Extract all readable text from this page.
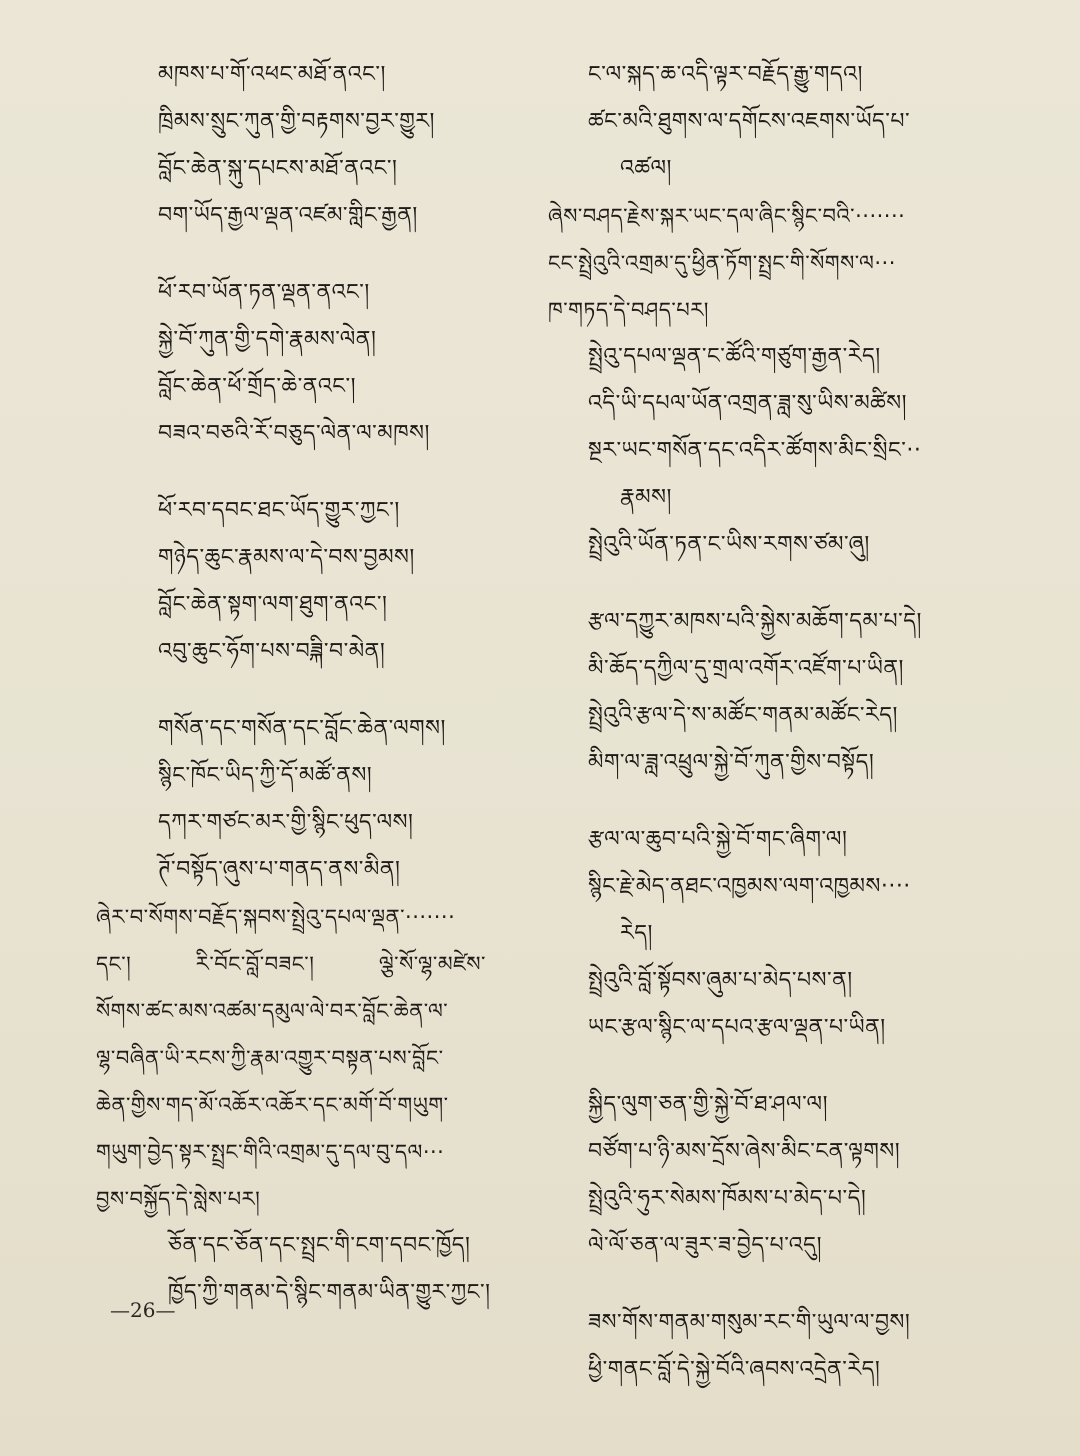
མཁས་པ་གོ་འཕང་མཐོ་ནའང་།
ཁྲིམས་སྲུང་ཀུན་གྱི་བརྟགས་བྱར་གྱུར།
བློང་ཆེན་སྐུ་དཔངས་མཐོ་ནའང་།
བག་ཡོད་རྒྱལ་ལྡན་འཛམ་གླིང་རྒྱན།
ཕོ་རབ་ཡོན་ཏན་ལྡན་ནའང་།
སྐྱེ་བོ་ཀུན་གྱི་དགེ་རྣམས་ལེན།
བློང་ཆེན་ཕོ་གྲོད་ཆེ་ནའང་།
བཟའ་བཅའི་རོ་བཅུད་ལེན་ལ་མཁས།
ཕོ་རབ་དབང་ཐང་ཡོད་གྱུར་ཀྱང་།
གཉེད་ཆུང་རྣམས་ལ་དེ་བས་བྱམས།
བློང་ཆེན་སྟག་ལག་ཐུག་ནའང་།
འབུ་ཆུང་ཧོག་པས་བཟྐི་བ་མེན།
གསོན་དང་གསོན་དང་བློང་ཆེན་ལགས།
སྙིང་ཁོང་ཡིད་ཀྱི་དོ་མཚོ་ནས།
དཀར་གཙང་མར་གྱི་སྙིང་ཕུད་ལས།
ཊོ་བསྟོད་ཞུས་པ་གནད་ནས་མིན།
ཞེར་བ་སོགས་བརྗོད་སྐབས་སྤྲེའུ་དཔལ་ལྡན་·······
དང་།	རི་བོང་བློ་བཟང་།	ལྕེ་སོ་ལྷ་མཛེས་
སོགས་ཚང་མས་འཚམ་དམུལ་ལེ་བར་བློང་ཆེན་ལ་
ལྷ་བཞིན་ཡི་རངས་ཀྱི་རྣམ་འགྱུར་བསྟན་པས་བློང་
ཆེན་གྱིས་གད་མོ་འཆོར་འཆོར་དང་མགོ་བོ་གཡུག་
གཡུག་བྱེད་སྟར་སྤྲང་གིའི་འགྲམ་དུ་དལ་བུ་དལ···
བྱས་བསྐྱོད་དེ་སླེས་པར།
ཅོན་དང་ཅོན་དང་སྤྲང་གི་ངག་དབང་ཁྱོད།
ཁྱོད་ཀྱི་གནམ་དེ་སྙིང་གནམ་ཡིན་གྱུར་ཀྱང་།
ང་ལ་སྐད་ཆ་འདི་ལྟར་བརྗོད་རྒྱུ་གདའ།
ཚང་མའི་ཐུགས་ལ་དགོངས་འཇགས་ཡོད་པ་
འཚལ།
ཞེས་བཤད་རྗེས་སྐར་ཡང་དལ་ཞིང་སྙིང་བའི་·······
ངང་སྤྲེའུའི་འགྲམ་དུ་ཕྱིན་ཏོག་སྤྲང་གི་སོགས་ལ···
ཁ་གཏད་དེ་བཤད་པར།
སྤྲེའུ་དཔལ་ལྡན་ང་ཚོའི་གཙུག་རྒྱན་རེད།
འདི་ཡི་དཔལ་ཡོན་འགྲན་ཟླ་སུ་ཡིས་མཚིས།
སྔར་ཡང་གསོན་དང་འདིར་ཚོགས་མིང་སྲིང་··
རྣམས།
སྤྲེའུའི་ཡོན་ཏན་ང་ཡིས་རགས་ཙམ་ཞུ།
རྩལ་དཀྱུར་མཁས་པའི་སྐྱེས་མཆོག་དམ་པ་དེ།
མི་ཆོད་དཀྱིལ་དུ་གྲལ་འགོར་འཛོག་པ་ཡིན།
སྤྲེའུའི་རྩལ་དེ་ས་མཚོང་གནམ་མཚོང་རེད།
མིག་ལ་ཟླ་འཕྲུལ་སྐྱེ་བོ་ཀུན་གྱིས་བསྟོད།
རྩལ་ལ་ཆུབ་པའི་སྐྱེ་བོ་གང་ཞིག་ལ།
སྙིང་རྗེ་མེད་ནཐང་འཁྱམས་ལག་འཁྱམས····
རེད།
སྤྲེའུའི་བློ་སྟོབས་ཞུམ་པ་མེད་པས་ན།
ཡང་རྩལ་སྙིང་ལ་དཔའ་རྩལ་ལྡན་པ་ཡིན།
སྐྱིད་ལུག་ཅན་གྱི་སྐྱེ་བོ་ཐ་ཤལ་ལ།
བཙོག་པ་ཉི་མས་དྲོས་ཞེས་མིང་ངན་ལྟགས།
སྤྲེའུའི་ཧུར་སེམས་ཁོམས་པ་མེད་པ་དེ།
ལེ་ལོ་ཅན་ལ་ཟུར་ཟ་བྱེད་པ་འདུ།
ཟས་གོས་གནམ་གསུམ་རང་གི་ཡུལ་ལ་བྱས།
ཕྱི་གནང་བློ་དེ་སྐྱེ་བོའི་ཞབས་འདྲེན་རེད།
—26—
